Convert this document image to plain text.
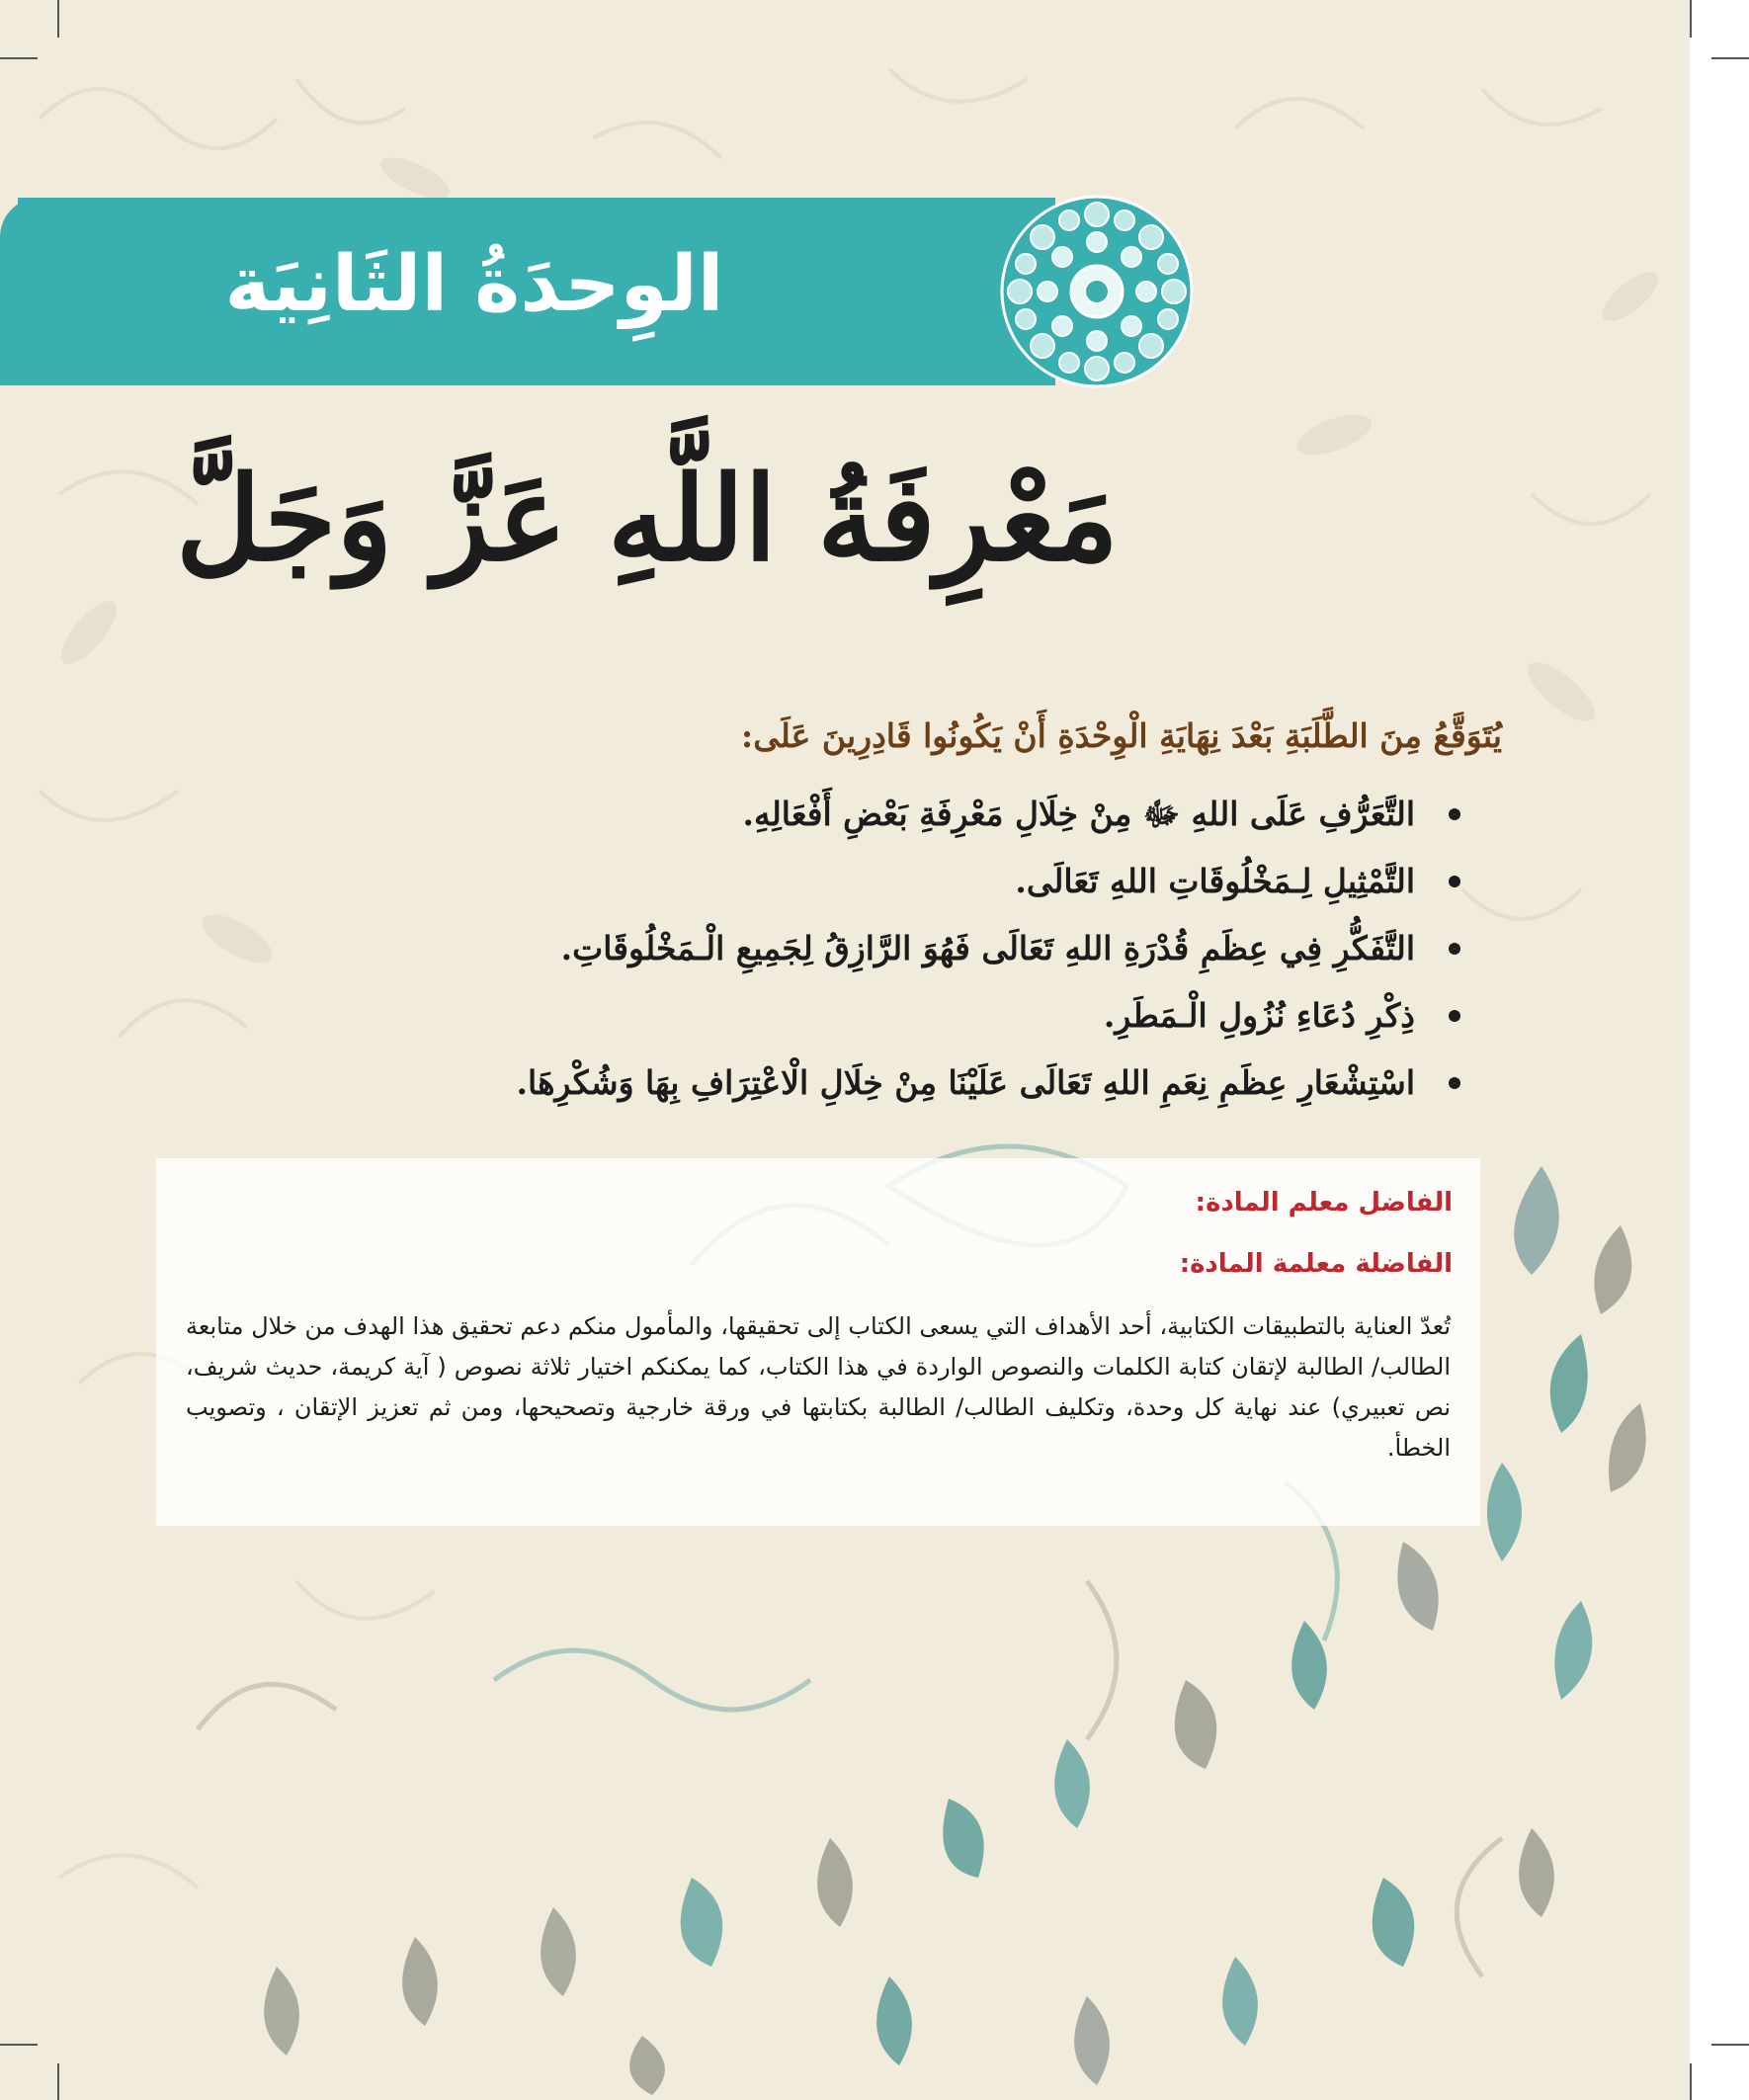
الوِحدَةُ الثَانِيَة
مَعْرِفَةُ اللَّهِ عَزَّ وَجَلَّ
يُتَوَقَّعُ مِنَ الطَّلَبَةِ بَعْدَ نِهَايَةِ الْوِحْدَةِ أَنْ يَكُونُوا قَادِرِينَ عَلَى:
التَّعَرُّفِ عَلَى اللهِ ﷻ مِنْ خِلَالِ مَعْرِفَةِ بَعْضِ أَفْعَالِهِ.
التَّمْثِيلِ لِـمَخْلُوقَاتِ اللهِ تَعَالَى.
التَّفَكُّرِ فِي عِظَمِ قُدْرَةِ اللهِ تَعَالَى فَهُوَ الرَّازِقُ لِجَمِيعِ الْـمَخْلُوقَاتِ.
ذِكْرِ دُعَاءِ نُزُولِ الْـمَطَرِ.
اسْتِشْعَارِ عِظَمِ نِعَمِ اللهِ تَعَالَى عَلَيْنَا مِنْ خِلَالِ الْاعْتِرَافِ بِهَا وَشُكْرِهَا.
الفاضل معلم المادة:
الفاضلة معلمة المادة:
تُعدّ العناية بالتطبيقات الكتابية، أحد الأهداف التي يسعى الكتاب إلى تحقيقها، والمأمول منكم دعم تحقيق هذا الهدف من خلال متابعة الطالب/ الطالبة لإتقان كتابة الكلمات والنصوص الواردة في هذا الكتاب، كما يمكنكم اختيار ثلاثة نصوص ( آية كريمة، حديث شريف، نص تعبيري) عند نهاية كل وحدة، وتكليف الطالب/ الطالبة بكتابتها في ورقة خارجية وتصحيحها، ومن ثم تعزيز الإتقان ، وتصويب الخطأ.
